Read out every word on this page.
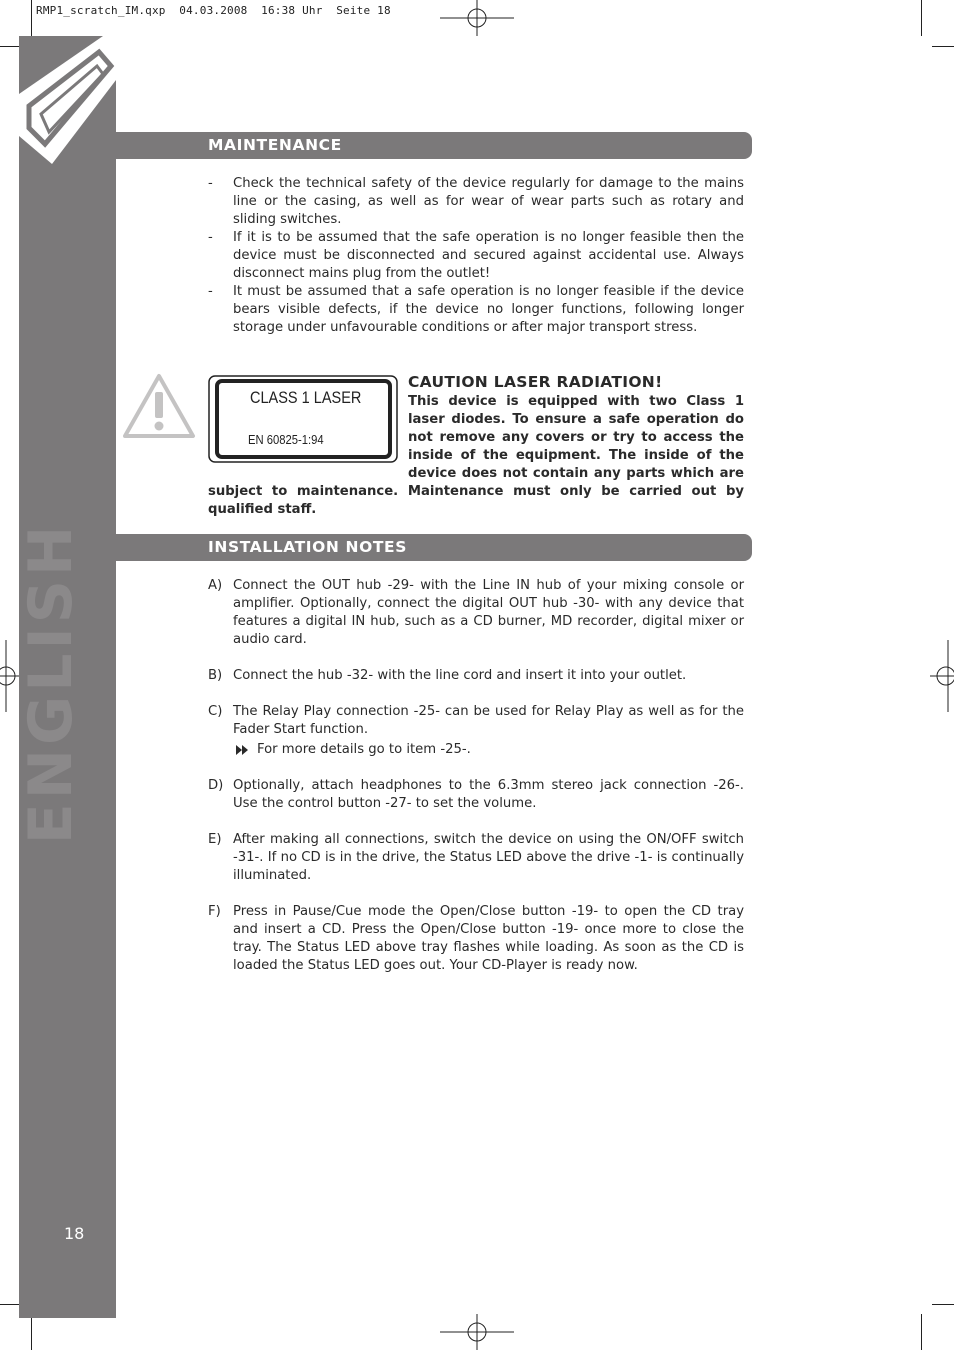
RMP1_scratch_IM.qxp  04.03.2008  16:38 Uhr  Seite 18
ENGLISH
18
MAINTENANCE
-	Check the technical safety of the device regularly for damage to the mains line or the casing, as well as for wear of wear parts such as rotary and sliding switches.
-	If it is to be assumed that the safe operation is no longer feasible then the device must be disconnected and secured against accidental use. Always disconnect mains plug from the outlet!
-	It must be assumed that a safe operation is no longer feasible if the device bears visible defects, if the device no longer functions, following longer storage under unfavourable conditions or after major transport stress.
CAUTION LASER RADIATION!
This device is equipped with two Class 1 laser diodes. To ensure a safe operation do not remove any covers or try to access the inside of the equipment. The inside of the device does not contain any parts which are subject to maintenance. Maintenance must only be carried out by qualified staff.
CLASS 1 LASER
EN 60825-1:94
INSTALLATION NOTES
A) Connect the OUT hub -29- with the Line IN hub of your mixing console or amplifier. Optionally, connect the digital OUT hub -30- with any device that features a digital IN hub, such as a CD burner, MD recorder, digital mixer or audio card.
B) Connect the hub -32- with the line cord and insert it into your outlet.
C) The Relay Play connection -25- can be used for Relay Play as well as for the Fader Start function.
For more details go to item -25-.
D) Optionally, attach headphones to the 6.3mm stereo jack connection -26-. Use the control button -27- to set the volume.
E) After making all connections, switch the device on using the ON/OFF switch -31-. If no CD is in the drive, the Status LED above the drive -1- is continually illuminated.
F) Press in Pause/Cue mode the Open/Close button -19- to open the CD tray and insert a CD. Press the Open/Close button -19- once more to close the tray. The Status LED above tray flashes while loading. As soon as the CD is loaded the Status LED goes out. Your CD-Player is ready now.
